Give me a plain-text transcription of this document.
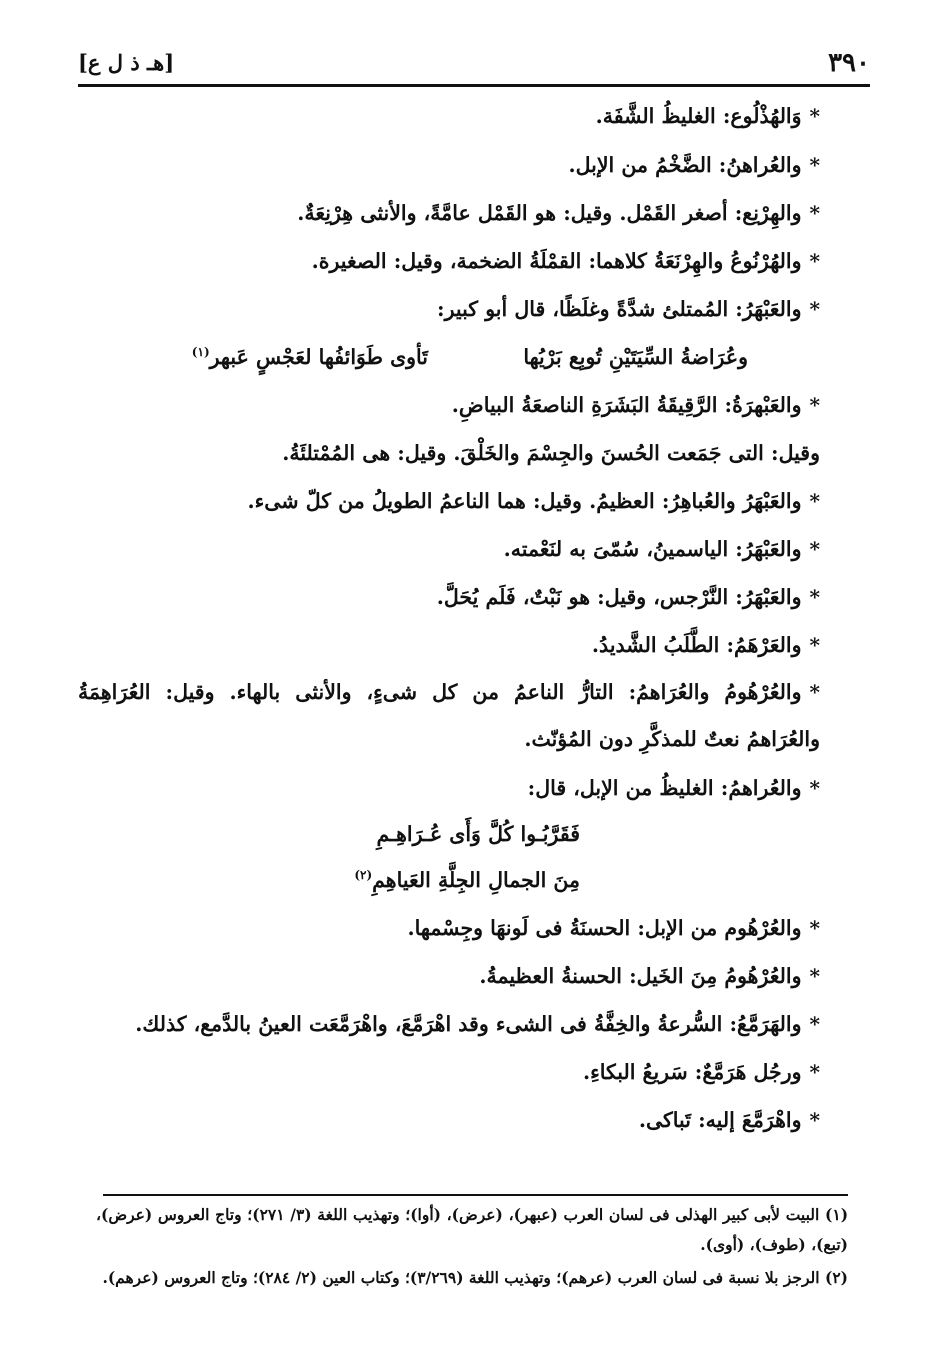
٣٩٠
[هـ ذ ل ع]
*وَالهُذْلُوع: الغليظُ الشَّفَة.
*والعُراهنُ: الضَّخْمُ من الإبل.
*والهِرْنِع: أصغر القَمْل. وقيل: هو القَمْل عامَّةً، والأنثى هِرْنِعَةٌ.
*والهُرْنُوعُ والهِرْنَعَةُ كلاهما: القمْلَةُ الضخمة، وقيل: الصغيرة.
*والعَبْهَرُ: المُمتلئ شدَّةً وغلَظًا، قال أبو كبير:
وعُرَاضةُ السِّيَتَيْنِ تُوبِع بَرْيُها
تَأوى طَوَائفُها لعَجْسٍ عَبهر$^{(١)}$
*والعَبْهرَةُ: الرَّقِيقَةُ البَشَرَةِ الناصعَةُ البياضِ.
وقيل: التى جَمَعت الحُسنَ والجِسْمَ والخَلْقَ. وقيل: هى المُمْتلئَةُ.
*والعَبْهَرُ والعُباهِرُ: العظيمُ. وقيل: هما الناعمُ الطويلُ من كلّ شىء.
*والعَبْهَرُ: الياسمينُ، سُمّىَ به لنَعْمته.
*والعَبْهَرُ: النَّرْجس، وقيل: هو نَبْتٌ، فَلَم يُحَلَّ.
*والعَرْهَمُ: الطَّلَبُ الشَّديدُ.
*والعُرْهُومُ والعُرَاهمُ: التارُّ الناعمُ من كل شىءٍ، والأنثى بالهاء. وقيل: العُرَاهِمَةُ والعُرَاهمُ نعتٌ للمذكَّرِ دون المُؤنّث.
*والعُراهمُ: الغليظُ من الإبل، قال:
فَقَرَّبُـوا كُلَّ وَأَى عُـرَاهِـمِ
مِنَ الجمالِ الجِلَّةِ العَياهِمِ$^{(٢)}$
*والعُرْهُوم من الإبل: الحسنَةُ فى لَونهَا وجِسْمها.
*والعُرْهُومُ مِنَ الخَيل: الحسنةُ العظيمةُ.
*والهَرَمَّعُ: السُّرعةُ والخِفَّةُ فى الشىء وقد اهْرَمَّعَ، واهْرَمَّعَت العينُ بالدَّمع، كذلك.
*ورجُل هَرَمَّعٌ: سَريعُ البكاءِ.
*واهْرَمَّعَ إليه: تَباكى.
(١) البيت لأبى كبير الهذلى فى لسان العرب (عبهر)، (عرض)، (أوا)؛ وتهذيب اللغة (٣/ ٢٧١)؛ وتاج العروس (عرض)، (تبع)، (طوف)، (أوى).
(٢) الرجز بلا نسبة فى لسان العرب (عرهم)؛ وتهذيب اللغة (٣/٢٦٩)؛ وكتاب العين (٢/ ٢٨٤)؛ وتاج العروس (عرهم).
